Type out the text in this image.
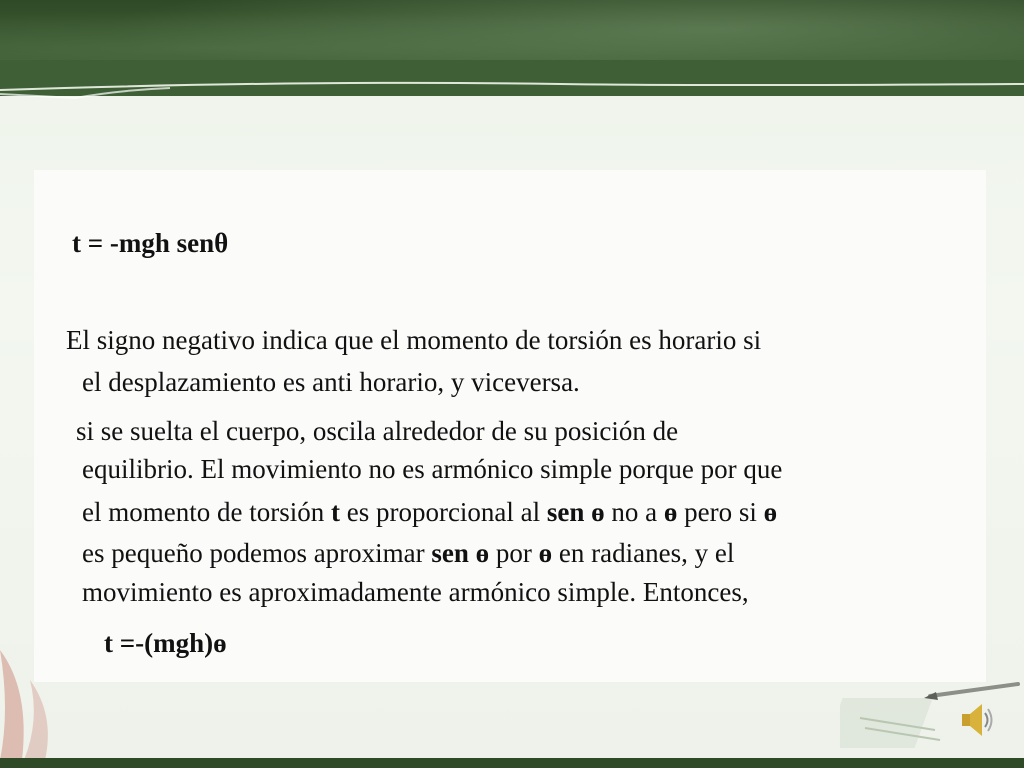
t = -mgh senθ
El signo negativo indica que el momento de torsión es horario si
el desplazamiento es anti horario, y viceversa.
si se suelta el cuerpo, oscila alrededor de su posición de
equilibrio. El movimiento no es armónico simple porque por que
el momento de torsión t es proporcional al sen ɵ no a ɵ pero si ɵ
es pequeño podemos aproximar sen ɵ por ɵ en radianes, y el
movimiento es aproximadamente armónico simple. Entonces,
t =-(mgh)ɵ
